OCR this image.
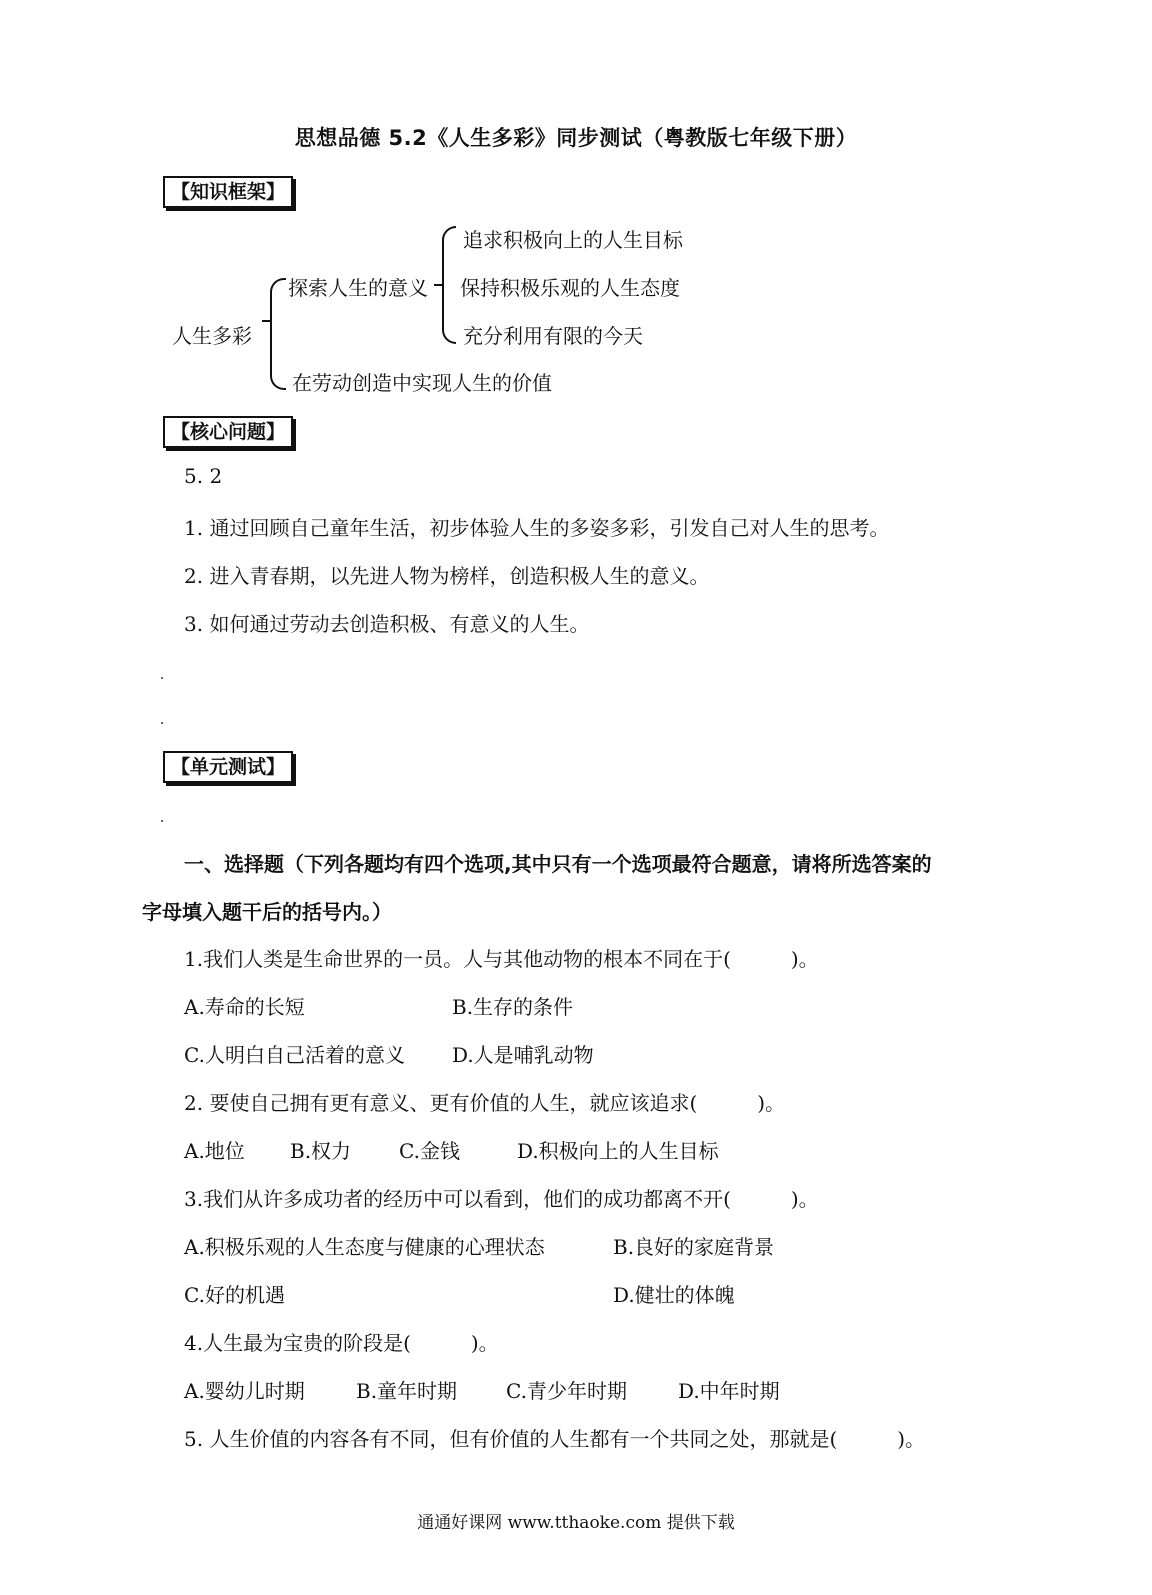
思想品德 5.2《人生多彩》同步测试（粤教版七年级下册）
【知识框架】
人生多彩
探索人生的意义
在劳动创造中实现人生的价值
追求积极向上的人生目标
保持积极乐观的人生态度
充分利用有限的今天
【核心问题】
5. 2
1. 通过回顾自己童年生活，初步体验人生的多姿多彩，引发自己对人生的思考。
2. 进入青春期，以先进人物为榜样，创造积极人生的意义。
3. 如何通过劳动去创造积极、有意义的人生。
【单元测试】
一、选择题（下列各题均有四个选项,其中只有一个选项最符合题意，请将所选答案的
字母填入题干后的括号内。）
1.我们人类是生命世界的一员。人与其他动物的根本不同在于(　　　)。
A.寿命的长短	B.生存的条件
C.人明白自己活着的意义 D.人是哺乳动物
2. 要使自己拥有更有意义、更有价值的人生，就应该追求(　　　)。
A.地位 B.权力 C.金钱	D.积极向上的人生目标
3.我们从许多成功者的经历中可以看到，他们的成功都离不开(　　　)。
A.积极乐观的人生态度与健康的心理状态	B.良好的家庭背景
C.好的机遇	D.健壮的体魄
4.人生最为宝贵的阶段是(　　　)。
A.婴幼儿时期	B.童年时期 C.青少年时期	D.中年时期
5. 人生价值的内容各有不同，但有价值的人生都有一个共同之处，那就是(　　　)。
通通好课网 www.tthaoke.com 提供下载
